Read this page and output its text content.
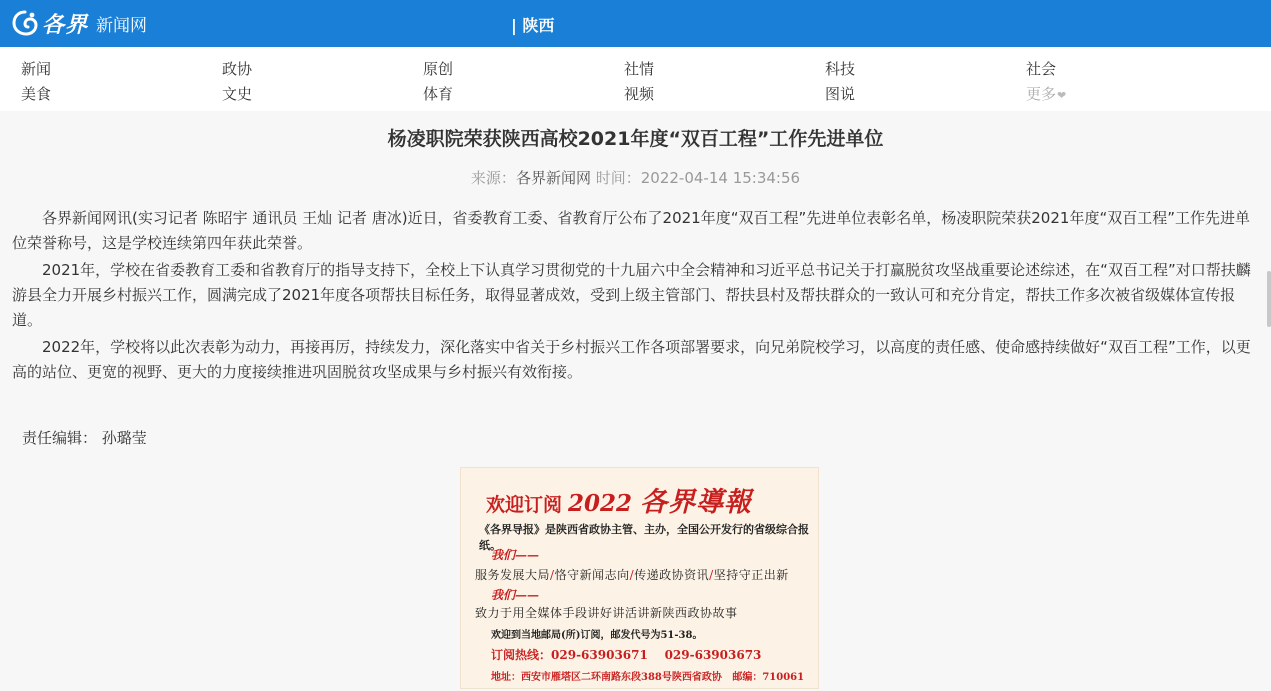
各界 新闻网	| 陕西
新闻	政协	原创	社情	科技	社会
美食	文史	体育	视频	图说	更多❤
杨凌职院荣获陕西高校2021年度“双百工程”工作先进单位
来源：各界新闻网 时间：2022-04-14 15:34:56

各界新闻网讯(实习记者 陈昭宇 通讯员 王灿 记者 唐冰)近日，省委教育工委、省教育厅公布了2021年度“双百工程”先进单位表彰名单，杨凌职院荣获2021年度“双百工程”工作先进单位荣誉称号，这是学校连续第四年获此荣誉。

2021年，学校在省委教育工委和省教育厅的指导支持下，全校上下认真学习贯彻党的十九届六中全会精神和习近平总书记关于打赢脱贫攻坚战重要论述综述，在“双百工程”对口帮扶麟游县全力开展乡村振兴工作，圆满完成了2021年度各项帮扶目标任务，取得显著成效，受到上级主管部门、帮扶县村及帮扶群众的一致认可和充分肯定，帮扶工作多次被省级媒体宣传报道。

2022年，学校将以此次表彰为动力，再接再厉，持续发力，深化落实中省关于乡村振兴工作各项部署要求，向兄弟院校学习，以高度的责任感、使命感持续做好“双百工程”工作，以更高的站位、更宽的视野、更大的力度接续推进巩固脱贫攻坚成果与乡村振兴有效衔接。

责任编辑： 孙璐莹
欢迎订阅 2022 各界導報
《各界导报》是陕西省政协主管、主办，全国公开发行的省级综合报纸。
我们——
服务发展大局/恪守新闻志向/传递政协资讯/坚持守正出新
我们——
致力于用全媒体手段讲好讲活讲新陕西政协故事
欢迎到当地邮局(所)订阅，邮发代号为51-38。
订阅热线：029-63903671 029-63903673
地址：西安市雁塔区二环南路东段388号陕西省政协 邮编：710061
